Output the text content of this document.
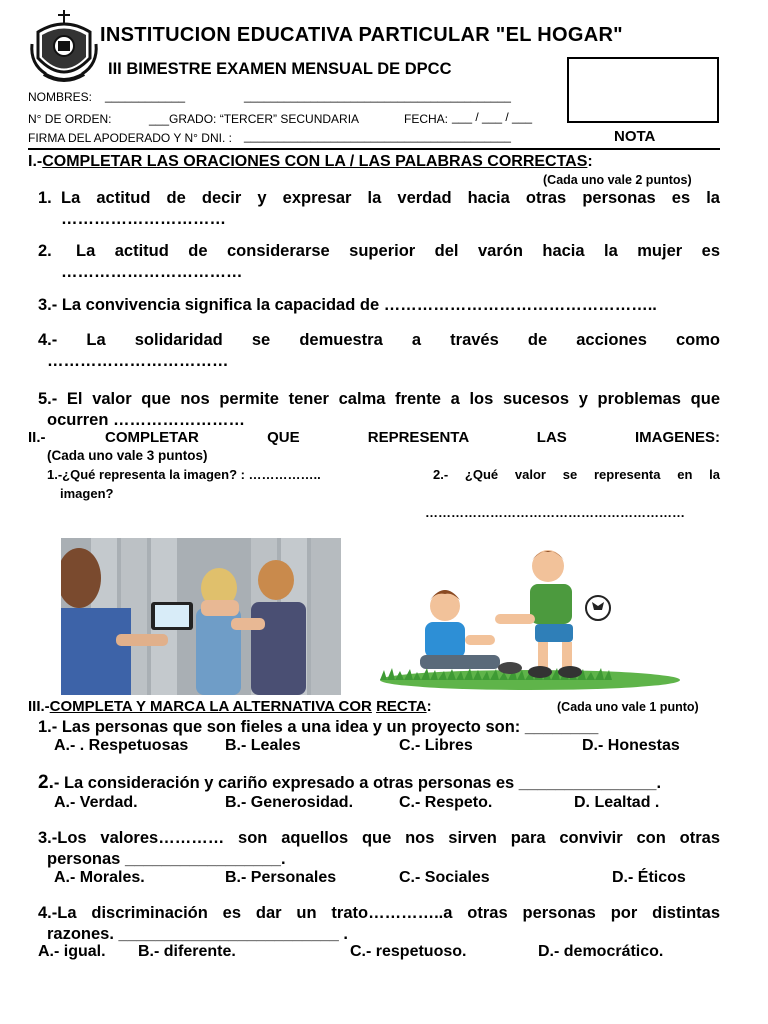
INSTITUCION EDUCATIVA PARTICULAR "EL HOGAR"
III BIMESTRE EXAMEN MENSUAL DE DPCC
NOMBRES: ____________	________________________________________
N° DE ORDEN:	___GRADO: “TERCER” SECUNDARIA	FECHA: ___ / ___ / ___
FIRMA DEL APODERADO Y N° DNI. : ________________________________________	NOTA
I.-COMPLETAR LAS ORACIONES CON LA / LAS PALABRAS CORRECTAS:
(Cada uno vale 2 puntos)
1. La actitud de decir y expresar la verdad hacia otras personas es la
…………………………
2. La actitud de considerarse superior del varón hacia la mujer es
……………………………
3.- La convivencia significa la capacidad de …………………………………………..
4.- La solidaridad se demuestra a través de acciones como
……………………………
5.- El valor que nos permite tener calma frente a los sucesos y problemas que
ocurren ……………………
II.-	COMPLETAR QUE REPRESENTA LAS IMAGENES:
(Cada uno vale 3 puntos)
1.-¿Qué representa la imagen? : ……………..	2.- ¿Qué valor se representa en la
imagen?
……………………………………………………
III.-COMPLETA Y MARCA LA ALTERNATIVA COR RECTA:	(Cada uno vale 1 punto)
1.- Las personas que son fieles a una idea y un proyecto son: ________
A.- . Respetuosas B.- Leales	C.- Libres	D.- Honestas
2.- La consideración y cariño expresado a otras personas es _______________.
A.- Verdad.	B.- Generosidad.	C.- Respeto.	D. Lealtad .
3.-Los valores………… son aquellos que nos sirven para convivir con otras
personas _________________.
A.- Morales.	B.- Personales	C.- Sociales	D.- Éticos
4.-La discriminación es dar un trato…………..a otras personas por distintas
razones. ________________________ .
A.- igual. B.- diferente.	C.- respetuoso.	D.- democrático.
